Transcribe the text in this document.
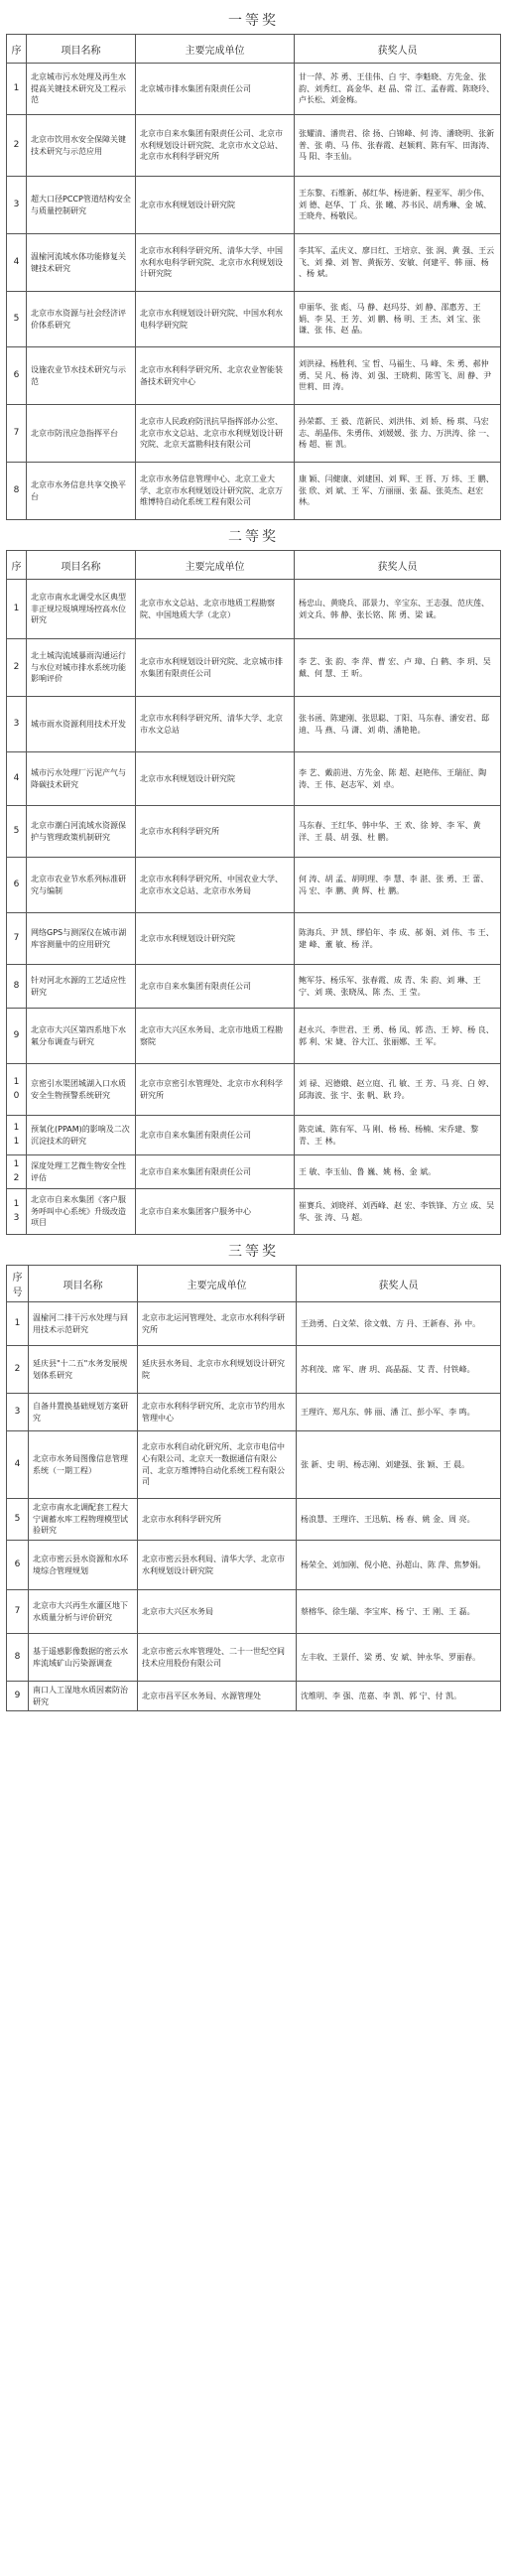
一等奖
序	项目名称	主要完成单位	获奖人员
1	北京城市污水处理及再生水提高关键技术研究及工程示范	北京城市排水集团有限责任公司	甘一萍、苏 勇、王佳伟、白 宇、李魁晓、方先金、张 韵、刘秀红、高金华、赵 晶、常 江、孟春霞、陈晓玲、卢长松、刘金梅。
2	北京市饮用水安全保障关键技术研究与示范应用	北京市自来水集团有限责任公司、北京市水利规划设计研究院、北京市水文总站、北京市水利科学研究所	张耀清、潘贵君、徐 扬、白锦峰、何 涛、潘晓明、张新普、张 萌、马 伟、张春霞、赵颖莉、陈有军、田海涛、马 阳、李玉仙。
3	超大口径PCCP管道结构安全与质量控制研究	北京市水利规划设计研究院	王东黎、石维新、郝红华、杨进新、程亚军、胡少伟、刘 德、赵华、丁 兵、张 曦、苏书民、胡秀琳、金 城、王晓舟、杨敬民。
4	温榆河流域水体功能修复关键技术研究	北京市水利科学研究所、清华大学、中国水利水电科学研究院、北京市水利规划设计研究院	李其军、孟庆义、廖日红、王培京、张 润、黄 强、王云飞、刘 操、刘 智、黄振芳、安敏、何建平、韩 丽、杨 、杨 斌。
5	北京市水资源与社会经济评价体系研究	北京市水利规划设计研究院、中国水利水电科学研究院	申丽华、张 彪、马 静、赵玛芬、刘 静、邵惠芳、王 娟、李 昊、王 芳、刘 鹏、杨 明、王 杰、刘 宝、张 谦、张 伟、赵 晶。
6	设施农业节水技术研究与示范	北京市水利科学研究所、北京农业智能装备技术研究中心	刘洪禄、杨胜利、宝 哲、马福生、马 峰、朱 勇、郝仲勇、吴 凡、杨 涛、刘 强、王晓莉、陈雪飞、周 静、尹世莉、田 涛。
7	北京市防汛应急指挥平台	北京市人民政府防汛抗旱指挥部办公室、北京市水文总站、北京市水利规划设计研究院、北京天富勘科技有限公司	孙荣都、王 毅、范新民、刘洪伟、刘 娇、杨 琪、马宏志、胡晶伟、朱勇伟、刘媛媛、张 力、万洪涛、徐 一、杨 超、崔 凯。
8	北京市水务信息共享交换平台	北京市水务信息管理中心、北京工业大学、北京市水利规划设计研究院、北京万维博特自动化系统工程有限公司	康 颖、闫健康、刘建国、刘 辉、王 晋、万 炜、王 鹏、张 欣、刘 斌、王 军、方丽丽、张 磊、张英杰、赵宏林。
二等奖
序	项目名称	主要完成单位	获奖人员
1	北京市南水北调受水区典型非正规垃圾填埋场控高水位研究	北京市水文总站、北京市地质工程勘察院、中国地质大学（北京）	杨忠山、黄晓兵、邵景力、辛宝东、王志强、范庆莲、刘文兵、韩 静、张长铭、陈 勇、梁 诚。
2	北土城沟流域暴雨沟通运行与水位对城市排水系统功能影响评价	北京市水利规划设计研究院、北京城市排水集团有限责任公司	李 艺、张 韵、李 萍、曹 宏、卢 璋、白 鹤、李 玥、吴 戴、何 慧、王 昕。
3	城市雨水资源利用技术开发	北京市水利科学研究所、清华大学、北京市水文总站	张书函、陈建刚、张思聪、丁阳、马东春、潘安君、邸 迪、马 燕、马 潇、刘 萌、潘艳艳。
4	城市污水处理厂污泥产气与降碳技术研究	北京市水利规划设计研究院	李 艺、戴前进、方先金、陈 超、赵艳伟、王瑞征、陶 涛、王 伟、赵志军、刘 卓。
5	北京市潮白河流域水资源保护与管理政策机制研究	北京市水利科学研究所	马东春、王红华、韩中华、王 欢、徐 婷、李 军、黄 洋、王 晨、胡 强、杜 鹏。
6	北京市农业节水系列标准研究与编制	北京市水利科学研究所、中国农业大学、北京市水文总站、北京市水务局	何 涛、胡 孟、胡明理、李 慧、李 湛、张 勇、王 蕾、冯 宏、李 鹏、黄 辉、杜 鹏。
7	网络GPS与测深仪在城市湖库容测量中的应用研究	北京市水利规划设计研究院	陈海兵、尹 凯、缪伯年、李 成、郝 娟、刘 伟、韦 王、建 峰、董 敏、杨 洋。
8	针对河北水源的工艺适应性研究	北京市自来水集团有限责任公司	鲍军芬、杨乐军、张春霞、成 青、朱 韵、刘 琳、王 宁、刘 瑛、张晓凤、陈 杰、王 莹。
9	北京市大兴区第四系地下水氟分布调查与研究	北京市大兴区水务局、北京市地质工程勘察院	赵永兴、李世君、王 勇、杨 凤、郭 浩、王 婷、杨 良、郭 利、宋 婕、谷大江、张丽娜、王 军。
10	京密引水渠团城湖入口水质安全生物预警系统研究	北京市京密引水管理处、北京市水利科学研究所	刘 禄、迟德娥、赵立庭、孔 敏、王 芳、马 亮、白 婷、邱海波、张 宇、张 帆、耿 玲。
11	预氧化(PPAM)的影响及二次沉淀技术的研究	北京市自来水集团有限责任公司	陈克诚、陈有军、马 刚、杨 杨、杨楠、宋乔建、黎 青、王 林。
12	深度处理工艺微生物安全性评估	北京市自来水集团有限责任公司	王 敏、李玉仙、鲁 巍、姚 杨、金 斌。
13	北京市自来水集团《客户服务呼叫中心系统》升级改造项目	北京市自来水集团客户服务中心	崔赛兵、刘晓祥、刘西峰、赵 宏、李铁锋、方立 成、吴 华、张 涛、马 超。
三等奖
序号	项目名称	主要完成单位	获奖人员
1	温榆河二排干污水处理与回用技术示范研究	北京市北运河管理处、北京市水利科学研究所	王劲勇、白文荣、徐文戟、方 丹、王新春、孙 中。
2	延庆县"十二五"水务发展规划体系研究	延庆县水务局、北京市水利规划设计研究院	苏利茂、席 军、唐 玥、高晶磊、艾 青、付铁峰。
3	自备井置换基础规划方案研究	北京市水利科学研究所、北京市节约用水管理中心	王理许、郑凡东、韩 丽、潘 江、彭小军、李 鸣。
4	北京市水务局图像信息管理系统（一期工程）	北京市水利自动化研究所、北京市电信中心有限公司、北京天一数据通信有限公司、北京万维博特自动化系统工程有限公司	张 新、史 明、杨志刚、刘建强、张 颖、王 晨。
5	北京市南水北调配套工程大宁调蓄水库工程物理模型试验研究	北京市水利科学研究所	杨浪慧、王理许、王迅航、杨 春、姚 金、周 亮。
6	北京市密云县水资源和水环境综合管理规划	北京市密云县水利局、清华大学、北京市水利规划设计研究院	杨荣全、刘加刚、倪小艳、孙超山、陈 萍、焦梦娟。
7	北京市大兴再生水灌区地下水质量分析与评价研究	北京市大兴区水务局	蔡榕华、徐生瑞、李宝库、杨 宁、王 刚、王 磊。
8	基于遥感影像数据的密云水库流域矿山污染源调查	北京市密云水库管理处、二十一世纪空间技术应用股份有限公司	左丰收、王景仟、梁 勇、安 斌、钟永华、罗丽春。
9	南口人工湿地水质因素防治研究	北京市昌平区水务局、水源管理处	沈维明、李 强、范嘉、李 凯、郭 宁、付 凯。
